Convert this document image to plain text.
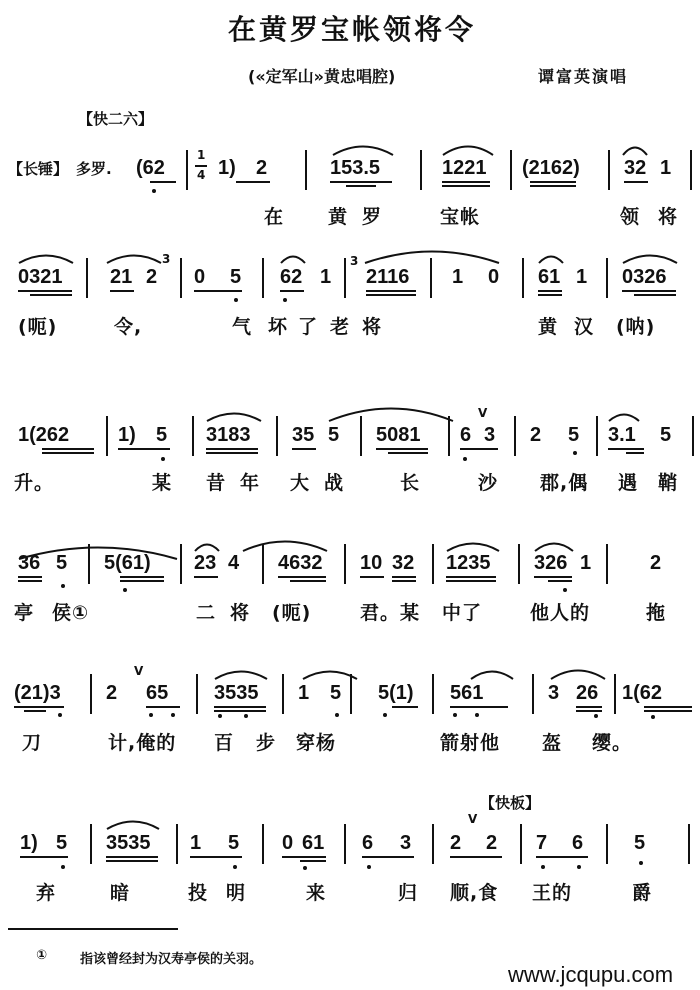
在黄罗宝帐领将令
(«定军山»黄忠唱腔)	谭富英演唱
【快二六】
【长锤】 多罗. (62
1
4 1) 2	153.5	1221 (2162) 32 1
在 黄 罗	宝帐	领 将
0321 21 2
3
0 5 62 1
3
2116 1 0 61 1 0326
(呃)	令,	气 坏 了 老 将	黄 汉 (呐)
1(262 1) 5 3183 35 5 5081
V
6 3 2 5 3.1 5
升。	某 昔 年 大 战	长	沙 郡,偶 遇 鞘
36 5 5(61) 23 4 4632 10 32 1235 326 1	2
亭 侯①	二 将 (呃)	君。某 中了	他人的	拖
(21)3
V
2 65 3535 1 5 5(1) 561	3 26 1(62
刀	计,俺的 百 步 穿杨	箭射他 盔 缨。
【快板】
1) 5 3535 1 5 0 61 6 3
V
2 2 7 6	5
弃	暗	投 明	来	归 顺,食 王的	爵
①	指该曾经封为汉寿亭侯的关羽。
www.jcqupu.com
